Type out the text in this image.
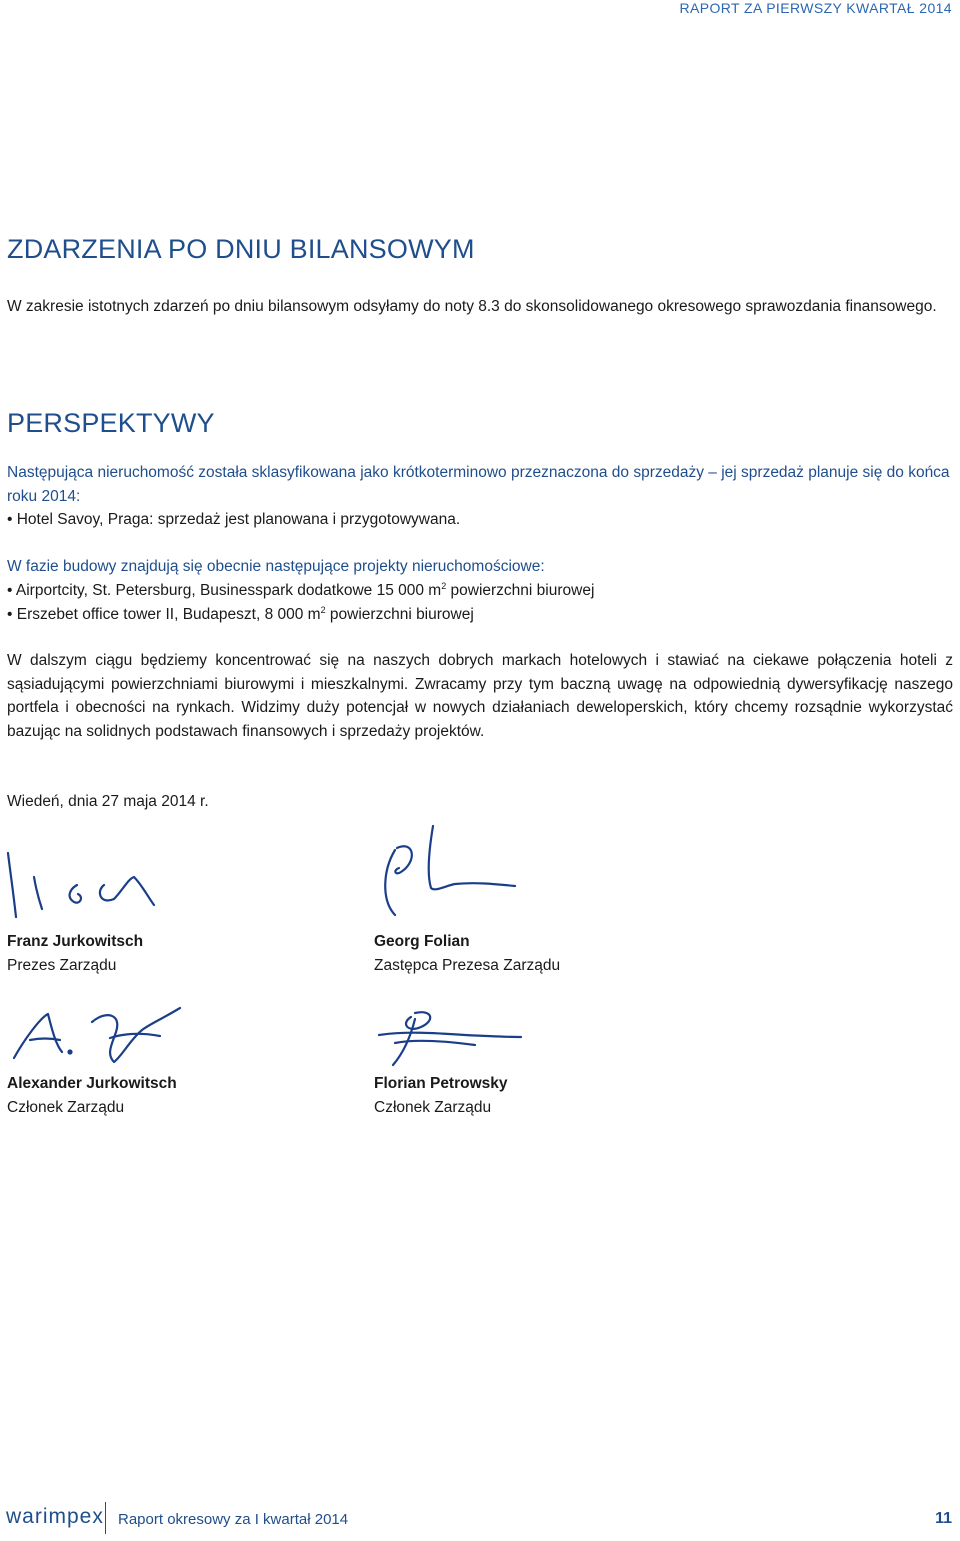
RAPORT ZA PIERWSZY KWARTAŁ 2014
ZDARZENIA PO DNIU BILANSOWYM
W zakresie istotnych zdarzeń po dniu bilansowym odsyłamy do noty 8.3 do skonsolidowanego okresowego sprawozdania finansowego.
PERSPEKTYWY
Następująca nieruchomość została sklasyfikowana jako krótkoterminowo przeznaczona do sprzedaży – jej sprzedaż planuje się do końca roku 2014:
• Hotel Savoy, Praga: sprzedaż jest planowana i przygotowywana.
W fazie budowy znajdują się obecnie następujące projekty nieruchomościowe:
• Airportcity, St. Petersburg, Businesspark dodatkowe 15 000 $m^2$ powierzchni biurowej
• Erszebet office tower II, Budapeszt, 8 000 $m^2$ powierzchni biurowej
W dalszym ciągu będziemy koncentrować się na naszych dobrych markach hotelowych i stawiać na ciekawe połączenia hoteli z sąsiadującymi powierzchniami biurowymi i mieszkalnymi. Zwracamy przy tym baczną uwagę na odpowiednią dywersyfikację naszego portfela i obecności na rynkach. Widzimy duży potencjał w nowych działaniach deweloperskich, który chcemy rozsądnie wykorzystać bazując na solidnych podstawach finansowych i sprzedaży projektów.
Wiedeń, dnia 27 maja 2014 r.
Franz Jurkowitsch
Prezes Zarządu
Georg Folian
Zastępca Prezesa Zarządu
Alexander Jurkowitsch
Członek Zarządu
Florian Petrowsky
Członek Zarządu
warimpex Raport okresowy za I kwartał 2014	11
